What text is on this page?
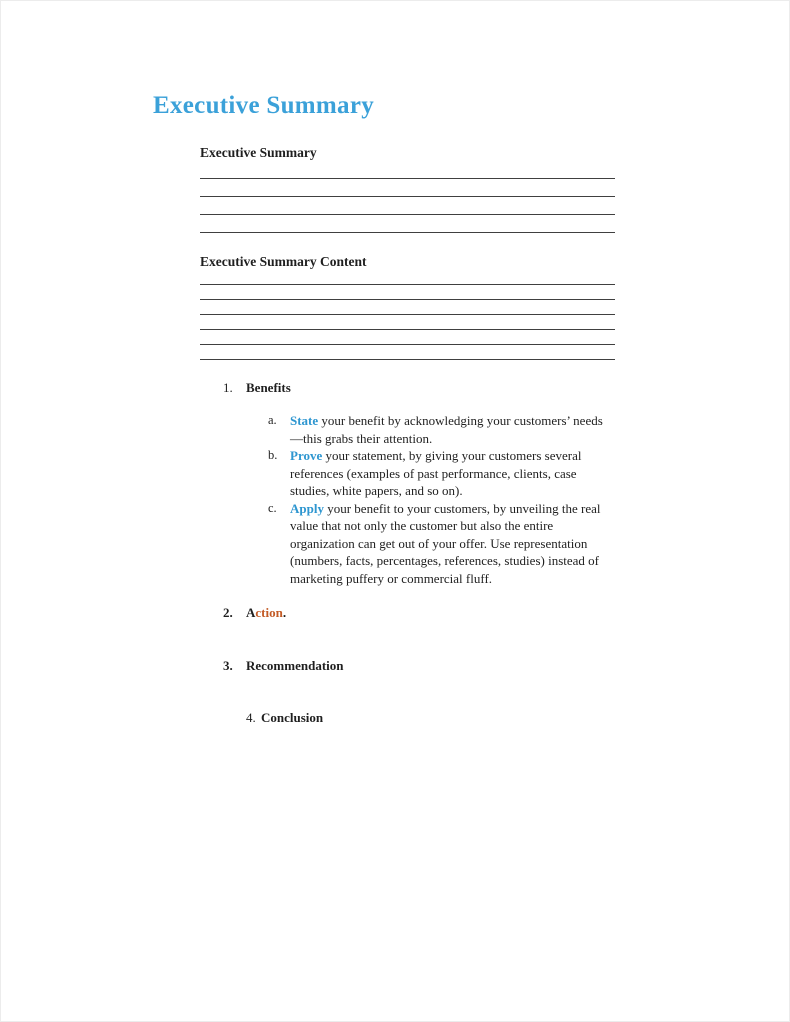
Executive Summary
Executive Summary
Executive Summary Content
1.	Benefits
a.	State your benefit by acknowledging your customers’ needs—this grabs their attention.

b. Prove your statement, by giving your customers several references (examples of past performance, clients, case studies, white papers, and so on).

c.	Apply your benefit to your customers, by unveiling the real value that not only the customer but also the entire organization can get out of your offer. Use representation (numbers, facts, percentages, references, studies) instead of marketing puffery or commercial fluff.

2.	Action.
3.	Recommendation
4. Conclusion
